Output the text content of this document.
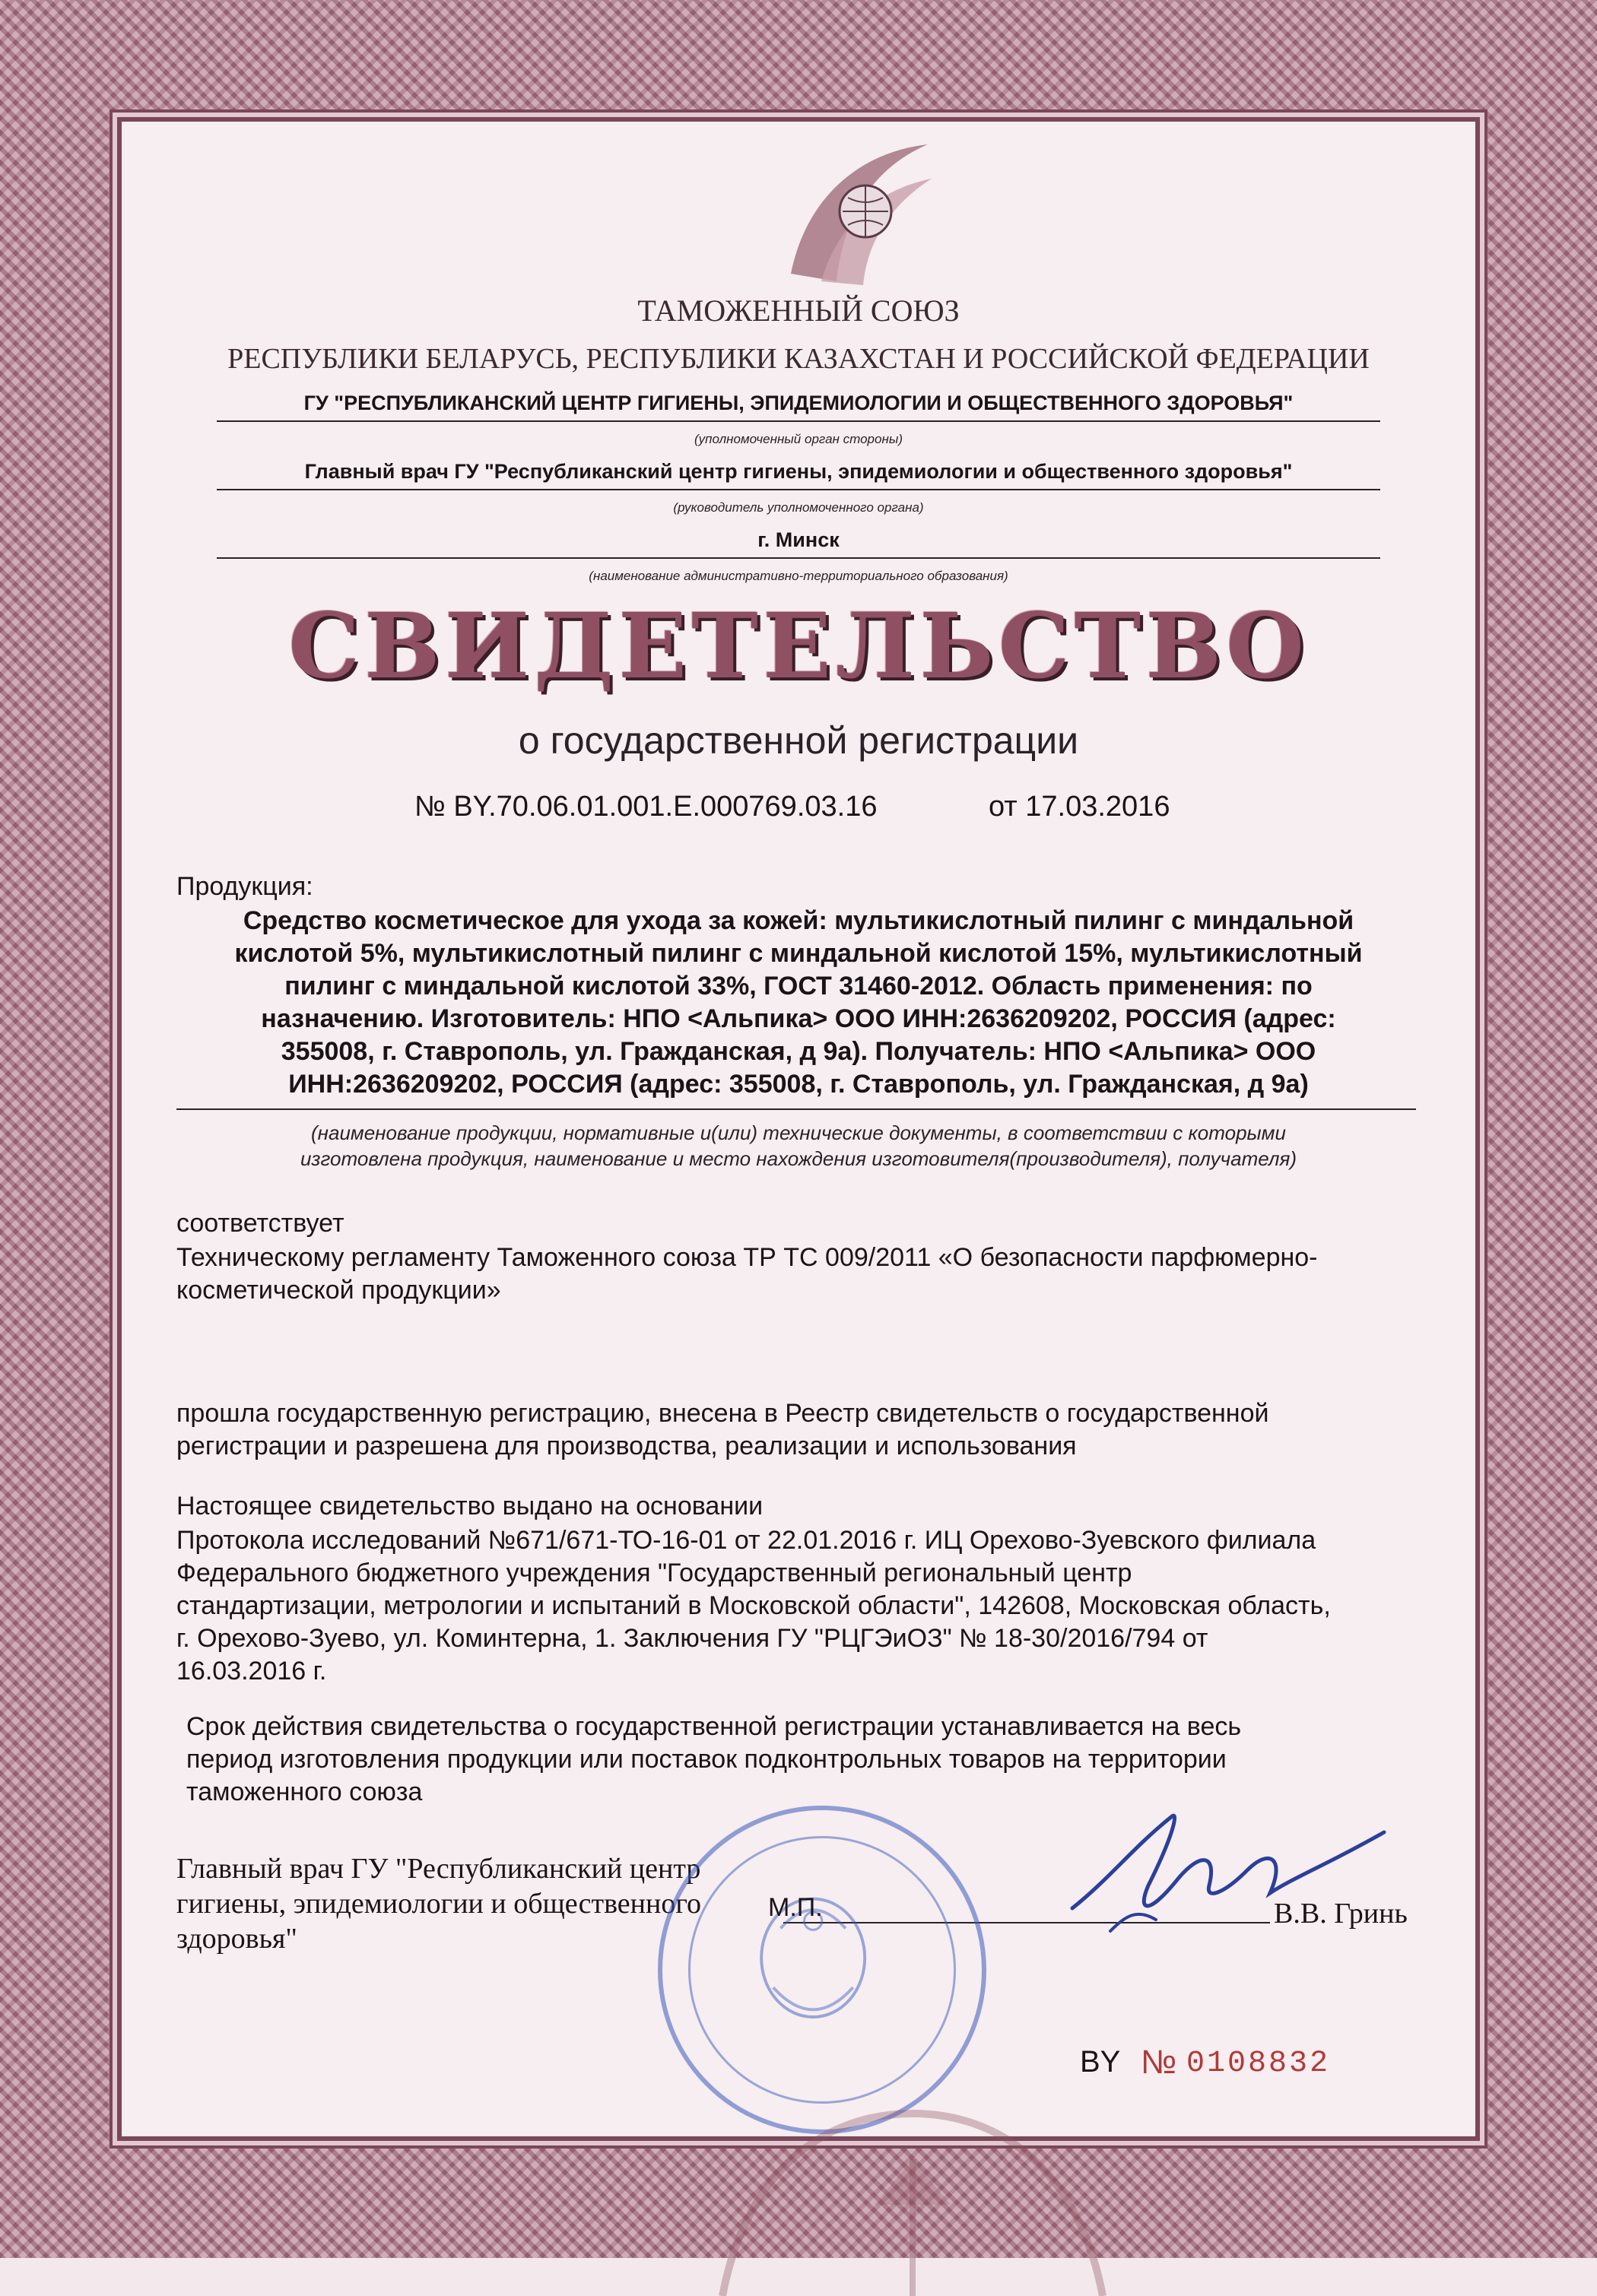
ТАМОЖЕННЫЙ СОЮЗ
РЕСПУБЛИКИ БЕЛАРУСЬ, РЕСПУБЛИКИ КАЗАХСТАН И РОССИЙСКОЙ ФЕДЕРАЦИИ
ГУ "РЕСПУБЛИКАНСКИЙ ЦЕНТР ГИГИЕНЫ, ЭПИДЕМИОЛОГИИ И ОБЩЕСТВЕННОГО ЗДОРОВЬЯ"
(уполномоченный орган стороны)
Главный врач ГУ "Республиканский центр гигиены, эпидемиологии и общественного здоровья"
(руководитель уполномоченного органа)
г. Минск
(наименование административно-территориального образования)
СВИДЕТЕЛЬСТВО
о государственной регистрации
№ BY.70.06.01.001.Е.000769.03.16	от 17.03.2016
Продукция:
Средство косметическое для ухода за кожей: мультикислотный пилинг с миндальной
кислотой 5%, мультикислотный пилинг с миндальной кислотой 15%, мультикислотный
пилинг с миндальной кислотой 33%, ГОСТ 31460-2012. Область применения: по
назначению. Изготовитель: НПО <Альпика> ООО ИНН:2636209202, РОССИЯ (адрес:
355008, г. Ставрополь, ул. Гражданская, д 9а). Получатель: НПО <Альпика> ООО
ИНН:2636209202, РОССИЯ (адрес: 355008, г. Ставрополь, ул. Гражданская, д 9а)
(наименование продукции, нормативные и(или) технические документы, в соответствии с которыми
изготовлена продукция, наименование и место нахождения изготовителя(производителя), получателя)
соответствует
Техническому регламенту Таможенного союза ТР ТС 009/2011 «О безопасности парфюмерно-
косметической продукции»
прошла государственную регистрацию, внесена в Реестр свидетельств о государственной
регистрации и разрешена для производства, реализации и использования
Настоящее свидетельство выдано на основании
Протокола исследований №671/671-ТО-16-01 от 22.01.2016 г. ИЦ Орехово-Зуевского филиала
Федерального бюджетного учреждения "Государственный региональный центр
стандартизации, метрологии и испытаний в Московской области", 142608, Московская область,
г. Орехово-Зуево, ул. Коминтерна, 1. Заключения ГУ "РЦГЭиОЗ" № 18-30/2016/794 от
16.03.2016 г.
Срок действия свидетельства о государственной регистрации устанавливается на весь
период изготовления продукции или поставок подконтрольных товаров на территории
таможенного союза
Главный врач ГУ "Республиканский центр
гигиены, эпидемиологии и общественного
здоровья"
В.В. Гринь
М.П.
BY № 0108832
